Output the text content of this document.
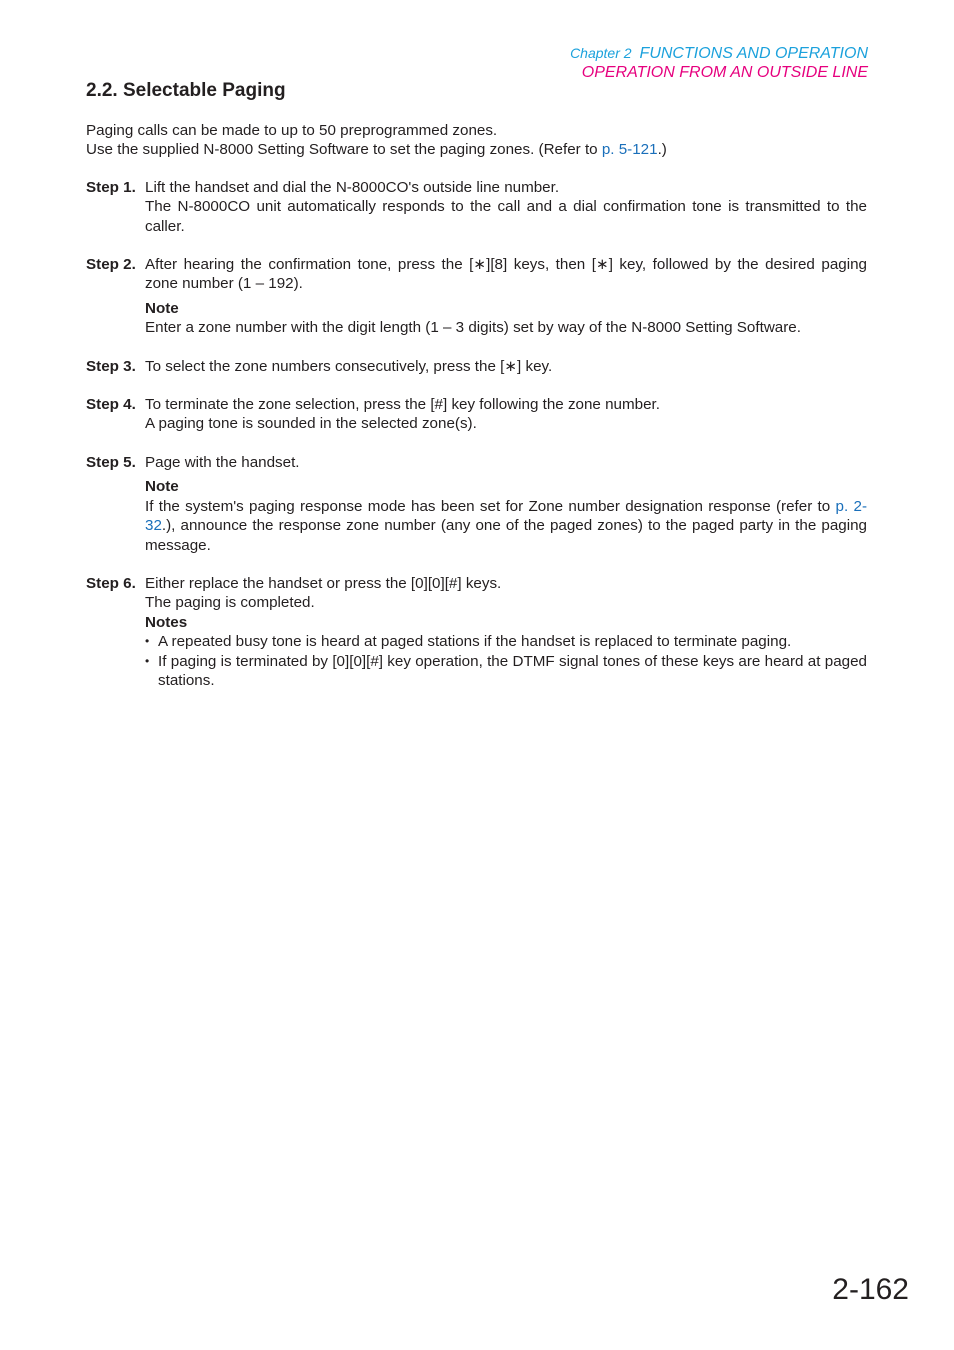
Chapter 2 FUNCTIONS AND OPERATION
OPERATION FROM AN OUTSIDE LINE
2.2. Selectable Paging

Paging calls can be made to up to 50 preprogrammed zones.

Use the supplied N-8000 Setting Software to set the paging zones. (Refer to p. 5-121.)

Step 1. Lift the handset and dial the N-8000CO's outside line number.

The N-8000CO unit automatically responds to the call and a dial confirmation tone is transmitted to the caller.

Step 2. After hearing the confirmation tone, press the [∗][8] keys, then [∗] key, followed by the desired paging zone number (1 – 192).

Note

Enter a zone number with the digit length (1 – 3 digits) set by way of the N-8000 Setting Software.

Step 3. To select the zone numbers consecutively, press the [∗] key.

Step 4. To terminate the zone selection, press the [#] key following the zone number.

A paging tone is sounded in the selected zone(s).

Step 5. Page with the handset.

Note

If the system's paging response mode has been set for Zone number designation response (refer to p. 2-32.), announce the response zone number (any one of the paged zones) to the paged party in the paging message.

Step 6. Either replace the handset or press the [0][0][#] keys.

The paging is completed.

Notes

• A repeated busy tone is heard at paged stations if the handset is replaced to terminate paging.
• If paging is terminated by [0][0][#] key operation, the DTMF signal tones of these keys are heard at paged stations.

2-162
